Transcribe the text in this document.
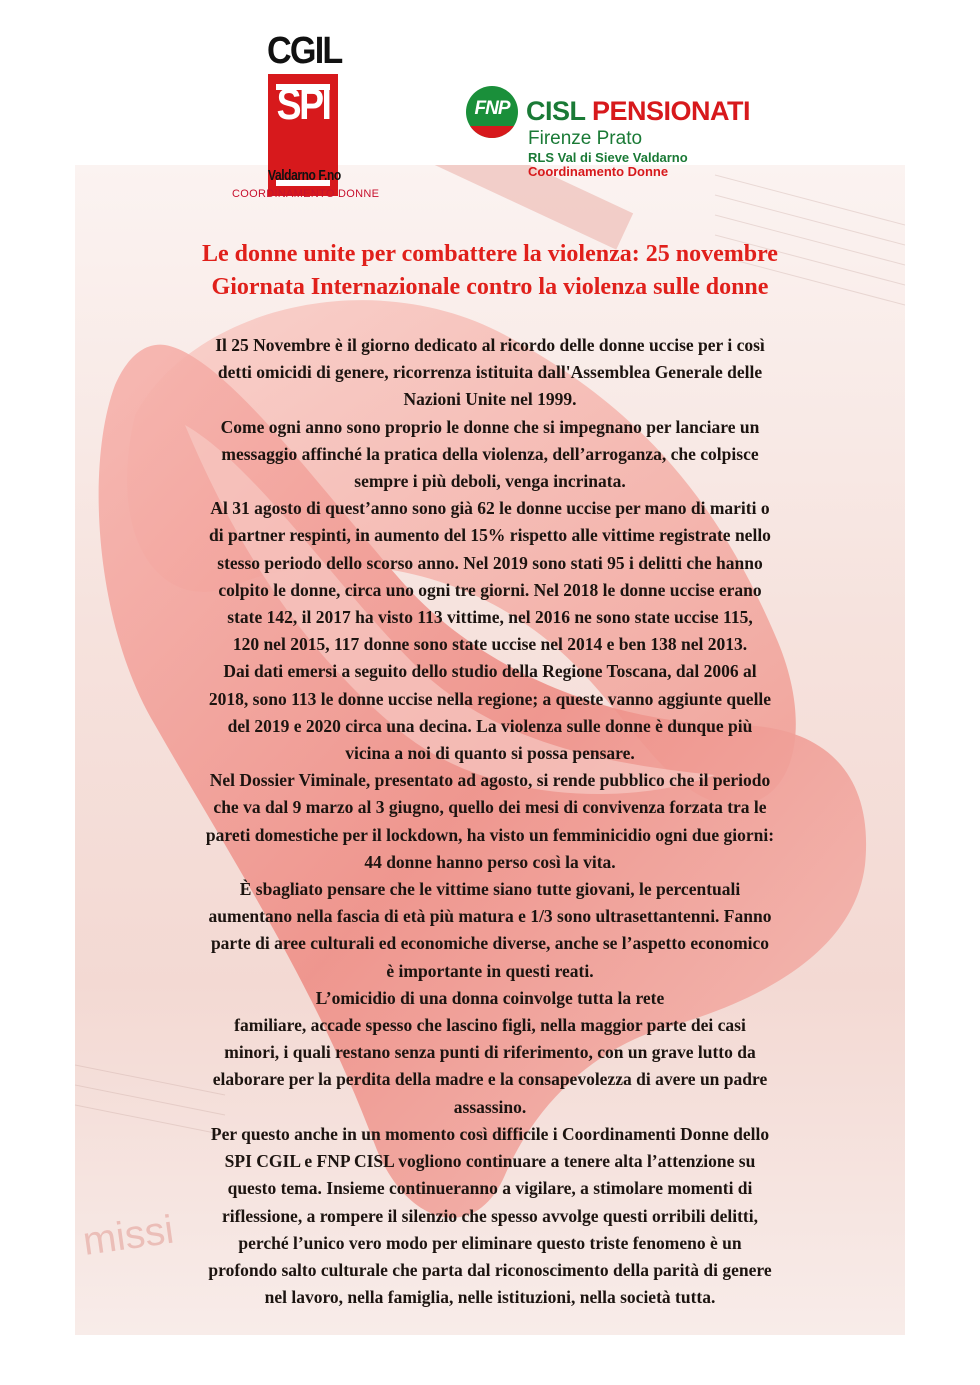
missi
CGIL
SPI
Valdarno F.no
COORDINAMENTO DONNE
FNP CISL PENSIONATI
Firenze Prato
RLS Val di Sieve Valdarno
Coordinamento Donne
Le donne unite per combattere la violenza: 25 novembre
Giornata Internazionale contro la violenza sulle donne
Il 25 Novembre è il giorno dedicato al ricordo delle donne uccise per i così
detti omicidi di genere, ricorrenza istituita dall'Assemblea Generale delle
Nazioni Unite nel 1999.
Come ogni anno sono proprio le donne che si impegnano per lanciare un
messaggio affinché la pratica della violenza, dell’arroganza, che colpisce
sempre i più deboli, venga incrinata.
Al 31 agosto di quest’anno sono già 62 le donne uccise per mano di mariti o
di partner respinti, in aumento del 15% rispetto alle vittime registrate nello
stesso periodo dello scorso anno. Nel 2019 sono stati 95 i delitti che hanno
colpito le donne, circa uno ogni tre giorni. Nel 2018 le donne uccise erano
state 142, il 2017 ha visto 113 vittime, nel 2016 ne sono state uccise 115,
120 nel 2015, 117 donne sono state uccise nel 2014 e ben 138 nel 2013.
Dai dati emersi a seguito dello studio della Regione Toscana, dal 2006 al
2018, sono 113 le donne uccise nella regione; a queste vanno aggiunte quelle
del 2019 e 2020 circa una decina. La violenza sulle donne è dunque più
vicina a noi di quanto si possa pensare.
Nel Dossier Viminale, presentato ad agosto, si rende pubblico che il periodo
che va dal 9 marzo al 3 giugno, quello dei mesi di convivenza forzata tra le
pareti domestiche per il lockdown, ha visto un femminicidio ogni due giorni:
44 donne hanno perso così la vita.
È sbagliato pensare che le vittime siano tutte giovani, le percentuali
aumentano nella fascia di età più matura e 1/3 sono ultrasettantenni. Fanno
parte di aree culturali ed economiche diverse, anche se l’aspetto economico
è importante in questi reati.
L’omicidio di una donna coinvolge tutta la rete
familiare, accade spesso che lascino figli, nella maggior parte dei casi
minori, i quali restano senza punti di riferimento, con un grave lutto da
elaborare per la perdita della madre e la consapevolezza di avere un padre
assassino.
Per questo anche in un momento così difficile i Coordinamenti Donne dello
SPI CGIL e FNP CISL vogliono continuare a tenere alta l’attenzione su
questo tema. Insieme continueranno a vigilare, a stimolare momenti di
riflessione, a rompere il silenzio che spesso avvolge questi orribili delitti,
perché l’unico vero modo per eliminare questo triste fenomeno è un
profondo salto culturale che parta dal riconoscimento della parità di genere
nel lavoro, nella famiglia, nelle istituzioni, nella società tutta.
